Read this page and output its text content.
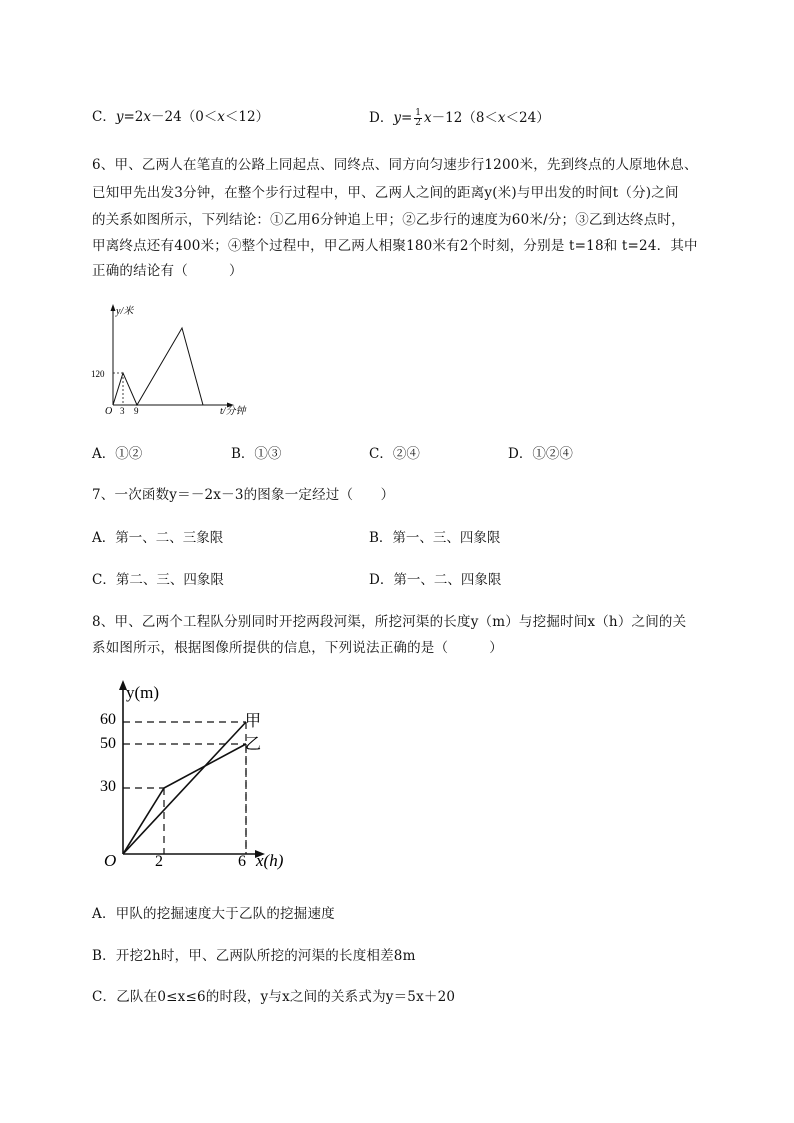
C．y=2x－24（0＜x＜12）	D．$y= \frac{1}{2} x-12(8<x<24)$
6、甲、乙两人在笔直的公路上同起点、同终点、同方向匀速步行1200米，先到终点的人原地休息、
已知甲先出发3分钟，在整个步行过程中，甲、乙两人之间的距离y(米)与甲出发的时间t（分)之间
的关系如图所示，下列结论：①乙用6分钟追上甲；②乙步行的速度为60米/分；③乙到达终点时，
甲离终点还有400米；④整个过程中，甲乙两人相聚180米有2个时刻，分别是 t=18和 t=24．其中
正确的结论有（　　　）
y/米
120
O 3 9	t/分钟
A．①②	B．①③	C．②④	D．①②④
7、一次函数y＝－2x－3的图象一定经过（　　）
A．第一、二、三象限	B．第一、三、四象限
C．第二、三、四象限	D．第一、二、四象限
8、甲、乙两个工程队分别同时开挖两段河渠，所挖河渠的长度y（m）与挖掘时间x（h）之间的关
系如图所示，根据图像所提供的信息，下列说法正确的是（　　　）
y(m)
60
50
30
O 2	6 x(h)
甲
乙
A．甲队的挖掘速度大于乙队的挖掘速度
B．开挖2h时，甲、乙两队所挖的河渠的长度相差8m
C．乙队在0≤x≤6的时段，y与x之间的关系式为y＝5x＋20
